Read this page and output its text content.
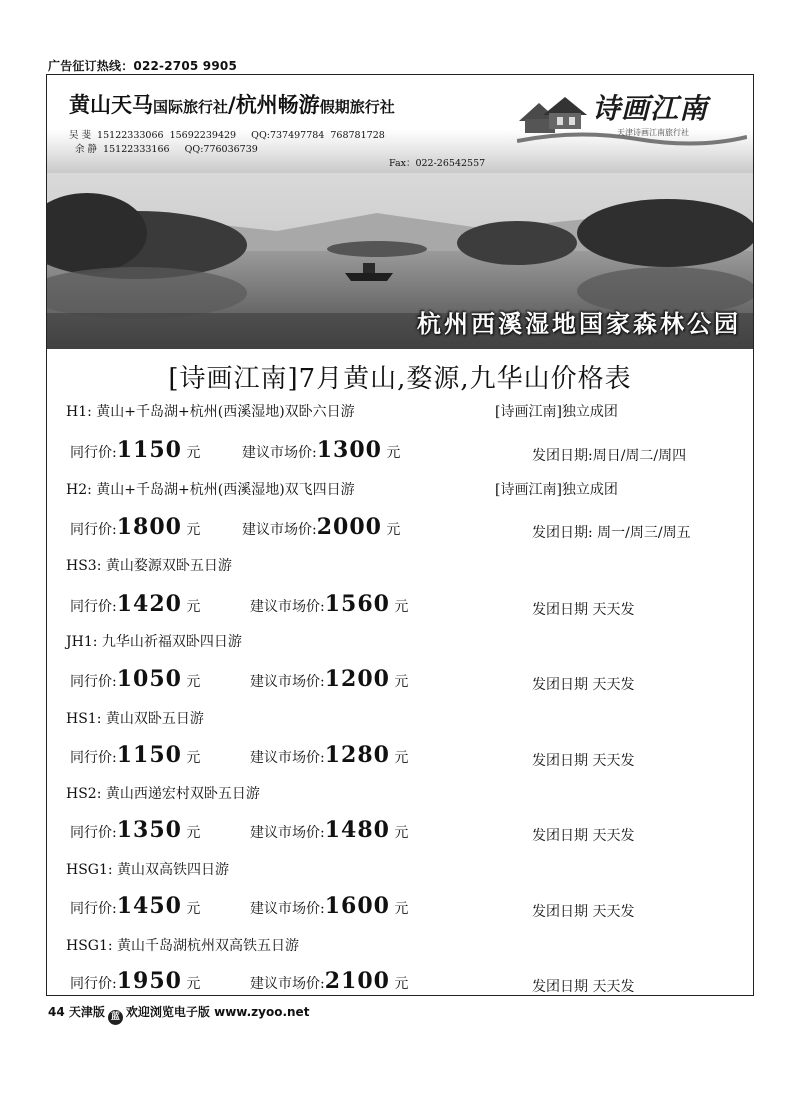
广告征订热线：022-2705 9905
黄山天马国际旅行社/杭州畅游假期旅行社
吴 斐  15122333066  15692239429     QQ:737497784  768781728
余 静  15122333166     QQ:776036739
Fax：022-26542557
诗画江南
天津诗画江南旅行社
杭州西溪湿地国家森林公园
[诗画江南]7月黄山,婺源,九华山价格表
H1: 黄山+千岛湖+杭州(西溪湿地)双卧六日游	[诗画江南]独立成团
同行价:1150 元	建议市场价:1300 元	发团日期:周日/周二/周四
H2: 黄山+千岛湖+杭州(西溪湿地)双飞四日游	[诗画江南]独立成团
同行价:1800 元	建议市场价:2000 元	发团日期: 周一/周三/周五
HS3: 黄山婺源双卧五日游
同行价:1420 元	建议市场价:1560 元	发团日期 天天发
JH1: 九华山祈福双卧四日游
同行价:1050 元	建议市场价:1200 元	发团日期 天天发
HS1: 黄山双卧五日游
同行价:1150 元	建议市场价:1280 元	发团日期 天天发
HS2: 黄山西递宏村双卧五日游
同行价:1350 元	建议市场价:1480 元	发团日期 天天发
HSG1: 黄山双高铁四日游
同行价:1450 元	建议市场价:1600 元	发团日期 天天发
HSG1: 黄山千岛湖杭州双高铁五日游
同行价:1950 元	建议市场价:2100 元	发团日期 天天发
44 天津版 蓝 欢迎浏览电子版 www.zyoo.net
